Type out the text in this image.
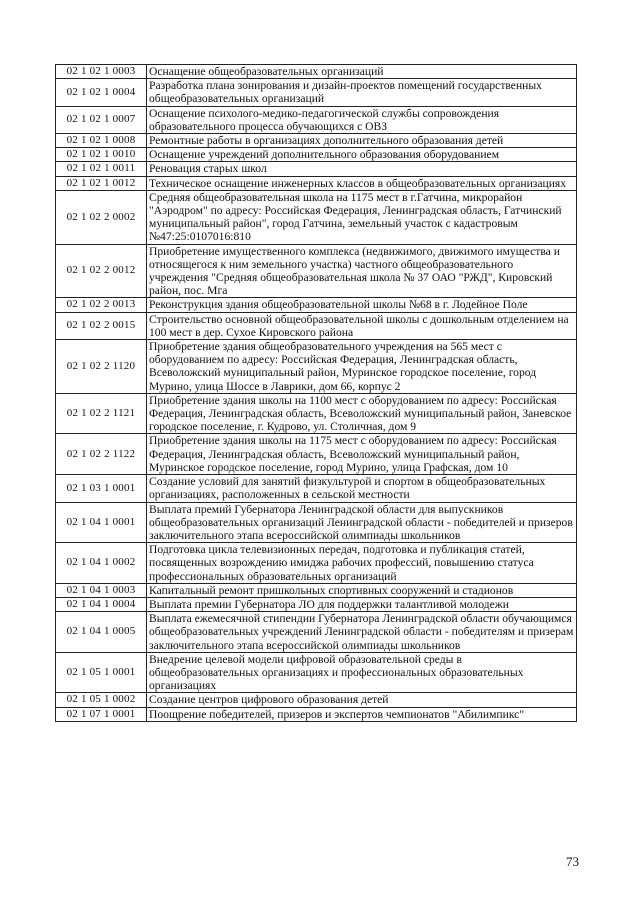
02 1 02 1 0003	Оснащение общеобразовательных организаций
02 1 02 1 0004	Разработка плана зонирования и дизайн-проектов помещений государственных общеобразовательных организаций
02 1 02 1 0007	Оснащение психолого-медико-педагогической службы сопровождения образовательного процесса обучающихся с ОВЗ
02 1 02 1 0008	Ремонтные работы в организациях дополнительного образования детей
02 1 02 1 0010	Оснащение учреждений дополнительного образования оборудованием
02 1 02 1 0011	Реновация старых школ
02 1 02 1 0012	Техническое оснащение инженерных классов в общеобразовательных организациях
02 1 02 2 0002	Средняя общеобразовательная школа на 1175 мест в г.Гатчина, микрорайон "Аэродром" по адресу: Российская Федерация, Ленинградская область, Гатчинский муниципальный район", город Гатчина, земельный участок с кадастровым №47:25:0107016:810
02 1 02 2 0012	Приобретение имущественного комплекса (недвижимого, движимого имущества и относящегося к ним земельного участка) частного общеобразовательного учреждения "Средняя общеобразовательная школа № 37 ОАО "РЖД", Кировский район, пос. Мга
02 1 02 2 0013	Реконструкция здания общеобразовательной школы №68 в г. Лодейное Поле
02 1 02 2 0015	Строительство основной общеобразовательной школы с дошкольным отделением на 100 мест в дер. Сухое Кировского района
02 1 02 2 1120	Приобретение здания общеобразовательного учреждения на 565 мест с оборудованием по адресу: Российская Федерация, Ленинградская область, Всеволожский муниципальный район, Муринское городское поселение, город Мурино, улица Шоссе в Лаврики, дом 66, корпус 2
02 1 02 2 1121	Приобретение здания школы на 1100 мест с оборудованием по адресу: Российская Федерация, Ленинградская область, Всеволожский муниципальный район, Заневское городское поселение, г. Кудрово, ул. Столичная, дом 9
02 1 02 2 1122	Приобретение здания школы на 1175 мест с оборудованием по адресу: Российская Федерация, Ленинградская область, Всеволожский муниципальный район, Муринское городское поселение, город Мурино, улица Графская, дом 10
02 1 03 1 0001	Создание условий для занятий физкультурой и спортом в общеобразовательных организациях, расположенных в сельской местности
02 1 04 1 0001	Выплата премий Губернатора Ленинградской области для выпускников общеобразовательных организаций Ленинградской области - победителей и призеров заключительного этапа всероссийской олимпиады школьников
02 1 04 1 0002	Подготовка цикла телевизионных передач, подготовка и публикация статей, посвященных возрождению имиджа рабочих профессий, повышению статуса профессиональных образовательных организаций
02 1 04 1 0003	Капитальный ремонт пришкольных спортивных сооружений и стадионов
02 1 04 1 0004	Выплата премии Губернатора ЛО для поддержки талантливой молодежи
02 1 04 1 0005	Выплата ежемесячной стипендии Губернатора Ленинградской области обучающимся общеобразовательных учреждений Ленинградской области - победителям и призерам заключительного этапа всероссийской олимпиады школьников
02 1 05 1 0001	Внедрение целевой модели цифровой образовательной среды в общеобразовательных организациях и профессиональных образовательных организациях
02 1 05 1 0002	Создание центров цифрового образования детей
02 1 07 1 0001	Поощрение победителей, призеров и экспертов чемпионатов "Абилимпикс"
73
